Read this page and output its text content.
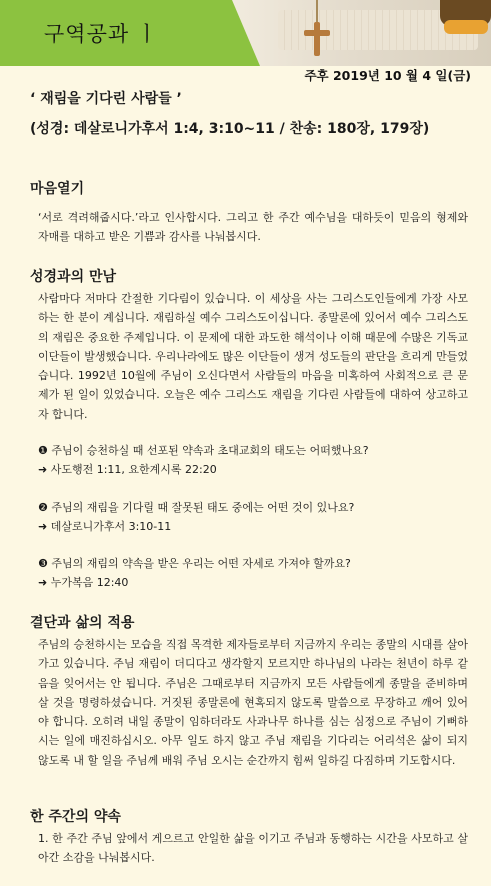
구역공과 ㅣ
주후 2019년 10 월 4 일(금)
‘ 재림을 기다린 사람들 ’
(성경: 데살로니가후서 1:4, 3:10~11 / 찬송: 180장, 179장)
마음열기
‘서로 격려해줍시다.’라고 인사합시다. 그리고 한 주간 예수님을 대하듯이 믿음의 형제와 자매를 대하고 받은 기쁨과 감사를 나눠봅시다.
성경과의 만남
사람마다 저마다 간절한 기다림이 있습니다. 이 세상을 사는 그리스도인들에게 가장 사모하는 한 분이 계십니다. 재림하실 예수 그리스도이십니다. 종말론에 있어서 예수 그리스도의 재림은 중요한 주제입니다. 이 문제에 대한 과도한 해석이나 이해 때문에 수많은 기독교 이단들이 발생했습니다. 우리나라에도 많은 이단들이 생겨 성도들의 판단을 흐리게 만들었습니다. 1992년 10월에 주님이 오신다면서 사람들의 마음을 미혹하여 사회적으로 큰 문제가 된 일이 있었습니다. 오늘은 예수 그리스도 재림을 기다린 사람들에 대하여 상고하고자 합니다.
❶ 주님이 승천하실 때 선포된 약속과 초대교회의 태도는 어떠했나요?
➜ 사도행전 1:11, 요한계시록 22:20
❷ 주님의 재림을 기다릴 때 잘못된 태도 중에는 어떤 것이 있나요?
➜ 데살로니가후서 3:10-11
❸ 주님의 재림의 약속을 받은 우리는 어떤 자세로 가져야 할까요?
➜ 누가복음 12:40
결단과 삶의 적용
주님의 승천하시는 모습을 직접 목격한 제자들로부터 지금까지 우리는 종말의 시대를 살아가고 있습니다. 주님 재림이 더디다고 생각할지 모르지만 하나님의 나라는 천년이 하루 같음을 잊어서는 안 됩니다. 주님은 그때로부터 지금까지 모든 사람들에게 종말을 준비하며 살 것을 명령하셨습니다. 거짓된 종말론에 현혹되지 않도록 말씀으로 무장하고 깨어 있어야 합니다. 오히려 내일 종말이 임하더라도 사과나무 하나를 심는 심정으로 주님이 기뻐하시는 일에 매진하십시오. 아무 일도 하지 않고 주님 재림을 기다리는 어리석은 삶이 되지 않도록 내 할 일을 주님께 배워 주님 오시는 순간까지 힘써 일하길 다짐하며 기도합시다.
한 주간의 약속
1. 한 주간 주님 앞에서 게으르고 안일한 삶을 이기고 주님과 동행하는 시간을 사모하고 살아간 소감을 나눠봅시다.
